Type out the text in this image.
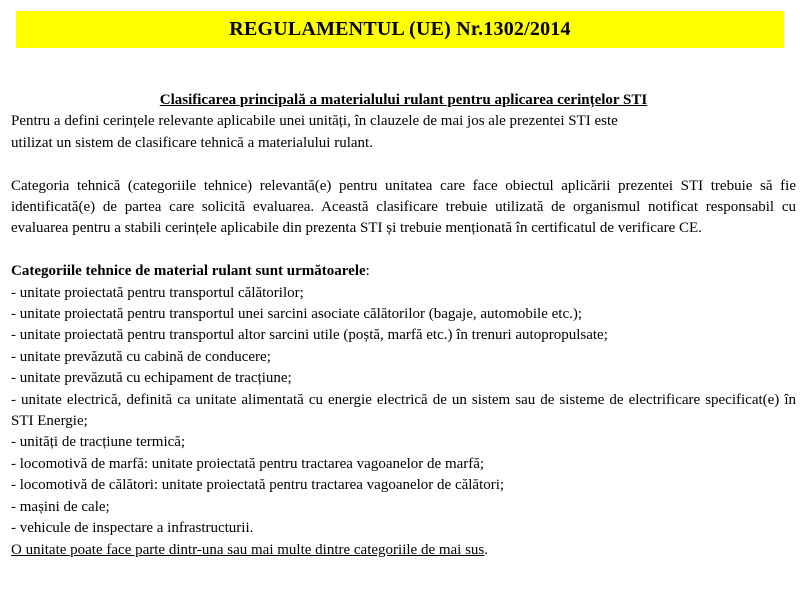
REGULAMENTUL (UE) Nr.1302/2014

Clasificarea principală a materialului rulant pentru aplicarea cerințelor STI

Pentru a defini cerințele relevante aplicabile unei unități, în clauzele de mai jos ale prezentei STI este

utilizat un sistem de clasificare tehnică a materialului rulant.

Categoria tehnică (categoriile tehnice) relevantă(e) pentru unitatea care face obiectul aplicării prezentei STI trebuie să fie identificată(e) de partea care solicită evaluarea. Această clasificare trebuie utilizată de organismul notificat responsabil cu evaluarea pentru a stabili cerințele aplicabile din prezenta STI și trebuie menționată în certificatul de verificare CE.

Categoriile tehnice de material rulant sunt următoarele:

- unitate proiectată pentru transportul călătorilor;
- unitate proiectată pentru transportul unei sarcini asociate călătorilor (bagaje, automobile etc.);
- unitate proiectată pentru transportul altor sarcini utile (poștă, marfă etc.) în trenuri autopropulsate;
- unitate prevăzută cu cabină de conducere;
- unitate prevăzută cu echipament de tracțiune;
- unitate electrică, definită ca unitate alimentată cu energie electrică de un sistem sau de sisteme de electrificare specificat(e) în STI Energie;
- unități de tracțiune termică;
- locomotivă de marfă: unitate proiectată pentru tractarea vagoanelor de marfă;
- locomotivă de călători: unitate proiectată pentru tractarea vagoanelor de călători;
- mașini de cale;
- vehicule de inspectare a infrastructurii.

O unitate poate face parte dintr-una sau mai multe dintre categoriile de mai sus.
